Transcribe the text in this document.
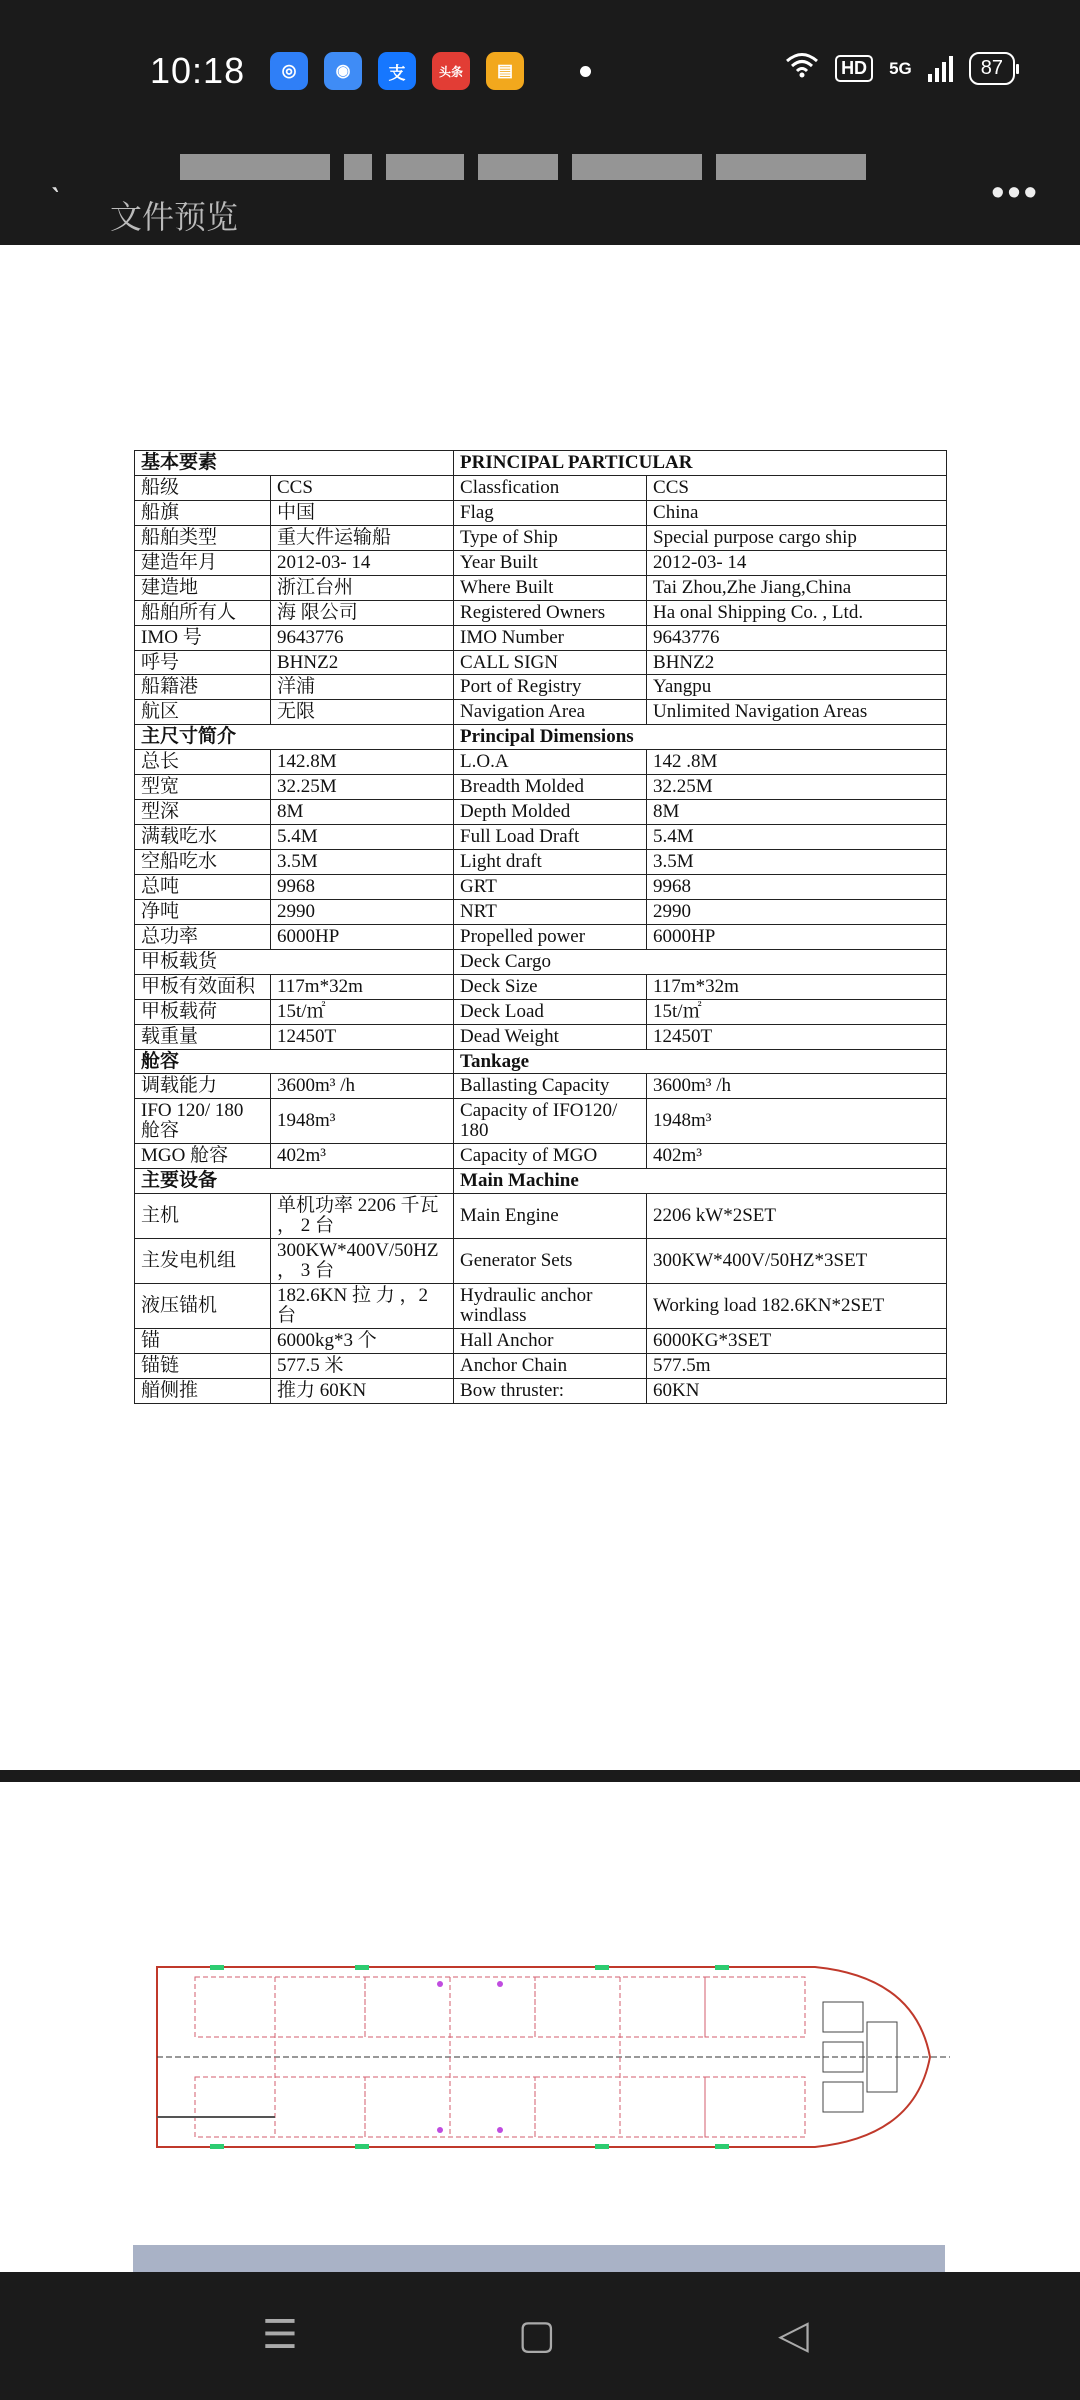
10:18	◎	◉	支	头条	▤	HD	5G	87
ˋ 文件预览
•••
基本要素		PRINCIPAL PARTICULAR	
船级	CCS	Classfication	CCS
船旗	中国	Flag	China
船舶类型	重大件运输船	Type of Ship	Special purpose cargo ship
建造年月	2012-03- 14	Year Built	2012-03- 14
建造地	浙江台州	Where Built	Tai Zhou,Zhe Jiang,China
船舶所有人	海 限公司	Registered Owners	Ha onal Shipping Co. , Ltd.
IMO 号	9643776	IMO Number	9643776
呼号	BHNZ2	CALL SIGN	BHNZ2
船籍港	洋浦	Port of Registry	Yangpu
航区	无限	Navigation Area	Unlimited Navigation Areas
主尺寸简介		Principal Dimensions	
总长	142.8M	L.O.A	142 .8M
型宽	32.25M	Breadth Molded	32.25M
型深	8M	Depth Molded	8M
满载吃水	5.4M	Full Load Draft	5.4M
空船吃水	3.5M	Light draft	3.5M
总吨	9968	GRT	9968
净吨	2990	NRT	2990
总功率	6000HP	Propelled power	6000HP
甲板载货		Deck Cargo	
甲板有效面积	117m*32m	Deck Size	117m*32m
甲板载荷	15t/㎡	Deck Load	15t/㎡
载重量	12450T	Dead Weight	12450T
舱容		Tankage	
调载能力	3600m³ /h	Ballasting Capacity	3600m³ /h
IFO 120/ 180 舱容	1948m³	Capacity of IFO120/ 180	1948m³
MGO 舱容	402m³	Capacity of MGO	402m³
主要设备		Main Machine	
主机	单机功率 2206 千瓦 ， 2 台	Main Engine	2206 kW*2SET
主发电机组	300KW*400V/50HZ ， 3 台	Generator Sets	300KW*400V/50HZ*3SET
液压锚机	182.6KN 拉 力 ，2 台	Hydraulic anchor windlass	Working load 182.6KN*2SET
锚	6000kg*3 个	Hall Anchor	6000KG*3SET
锚链	577.5 米	Anchor Chain	577.5m
艏侧推	推力 60KN	Bow thruster:	60KN
☰	▢	◁
